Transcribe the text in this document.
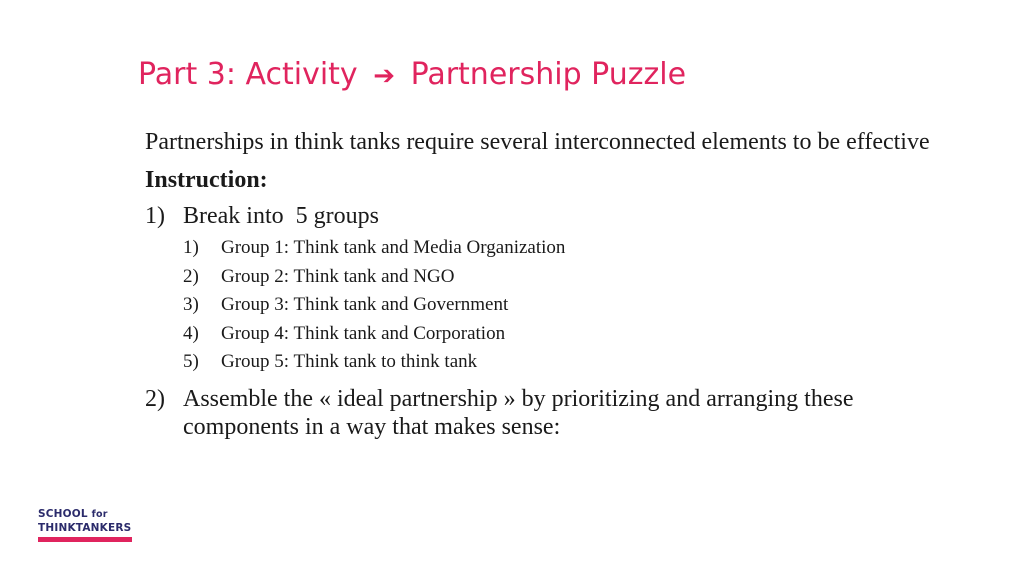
Part 3: Activity ➔ Partnership Puzzle

Partnerships in think tanks require several interconnected elements to be effective

Instruction:

1) Break into  5 groups
1)	Group 1: Think tank and Media Organization
2)	Group 2: Think tank and NGO
3)	Group 3: Think tank and Government
4)	Group 4: Think tank and Corporation
5)	Group 5: Think tank to think tank
2) Assemble the « ideal partnership » by prioritizing and arranging these components in a way that makes sense:
SCHOOL for
THINKTANKERS
